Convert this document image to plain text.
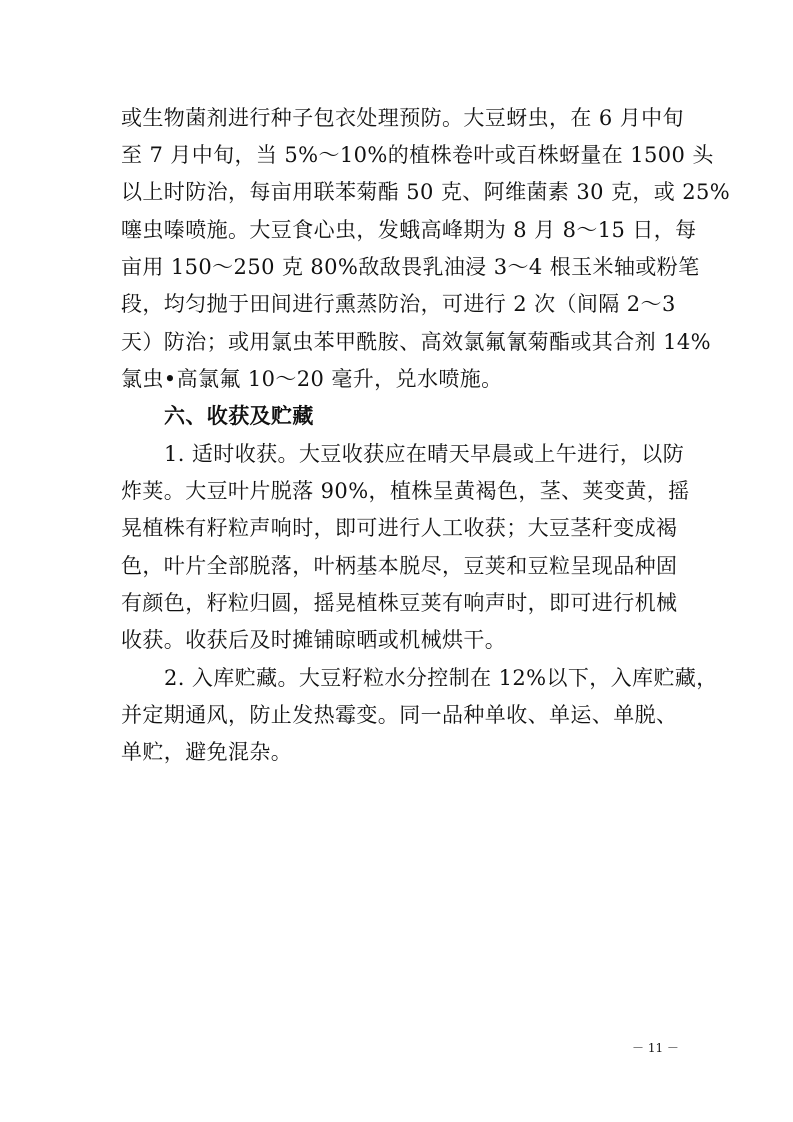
或生物菌剂进行种子包衣处理预防。大豆蚜虫，在 6 月中旬
至 7 月中旬，当 5%～10%的植株卷叶或百株蚜量在 1500 头
以上时防治，每亩用联苯菊酯 50 克、阿维菌素 30 克，或 25%
噻虫嗪喷施。大豆食心虫，发蛾高峰期为 8 月 8～15 日，每
亩用 150～250 克 80%敌敌畏乳油浸 3～4 根玉米轴或粉笔
段，均匀抛于田间进行熏蒸防治，可进行 2 次（间隔 2～3
天）防治；或用氯虫苯甲酰胺、高效氯氟氰菊酯或其合剂 14%
氯虫•高氯氟 10～20 毫升，兑水喷施。
六、收获及贮藏
1. 适时收获。大豆收获应在晴天早晨或上午进行，以防
炸荚。大豆叶片脱落 90%，植株呈黄褐色，茎、荚变黄，摇
晃植株有籽粒声响时，即可进行人工收获；大豆茎秆变成褐
色，叶片全部脱落，叶柄基本脱尽，豆荚和豆粒呈现品种固
有颜色，籽粒归圆，摇晃植株豆荚有响声时，即可进行机械
收获。收获后及时摊铺晾晒或机械烘干。
2. 入库贮藏。大豆籽粒水分控制在 12%以下，入库贮藏，
并定期通风，防止发热霉变。同一品种单收、单运、单脱、
单贮，避免混杂。
－ 11 －
